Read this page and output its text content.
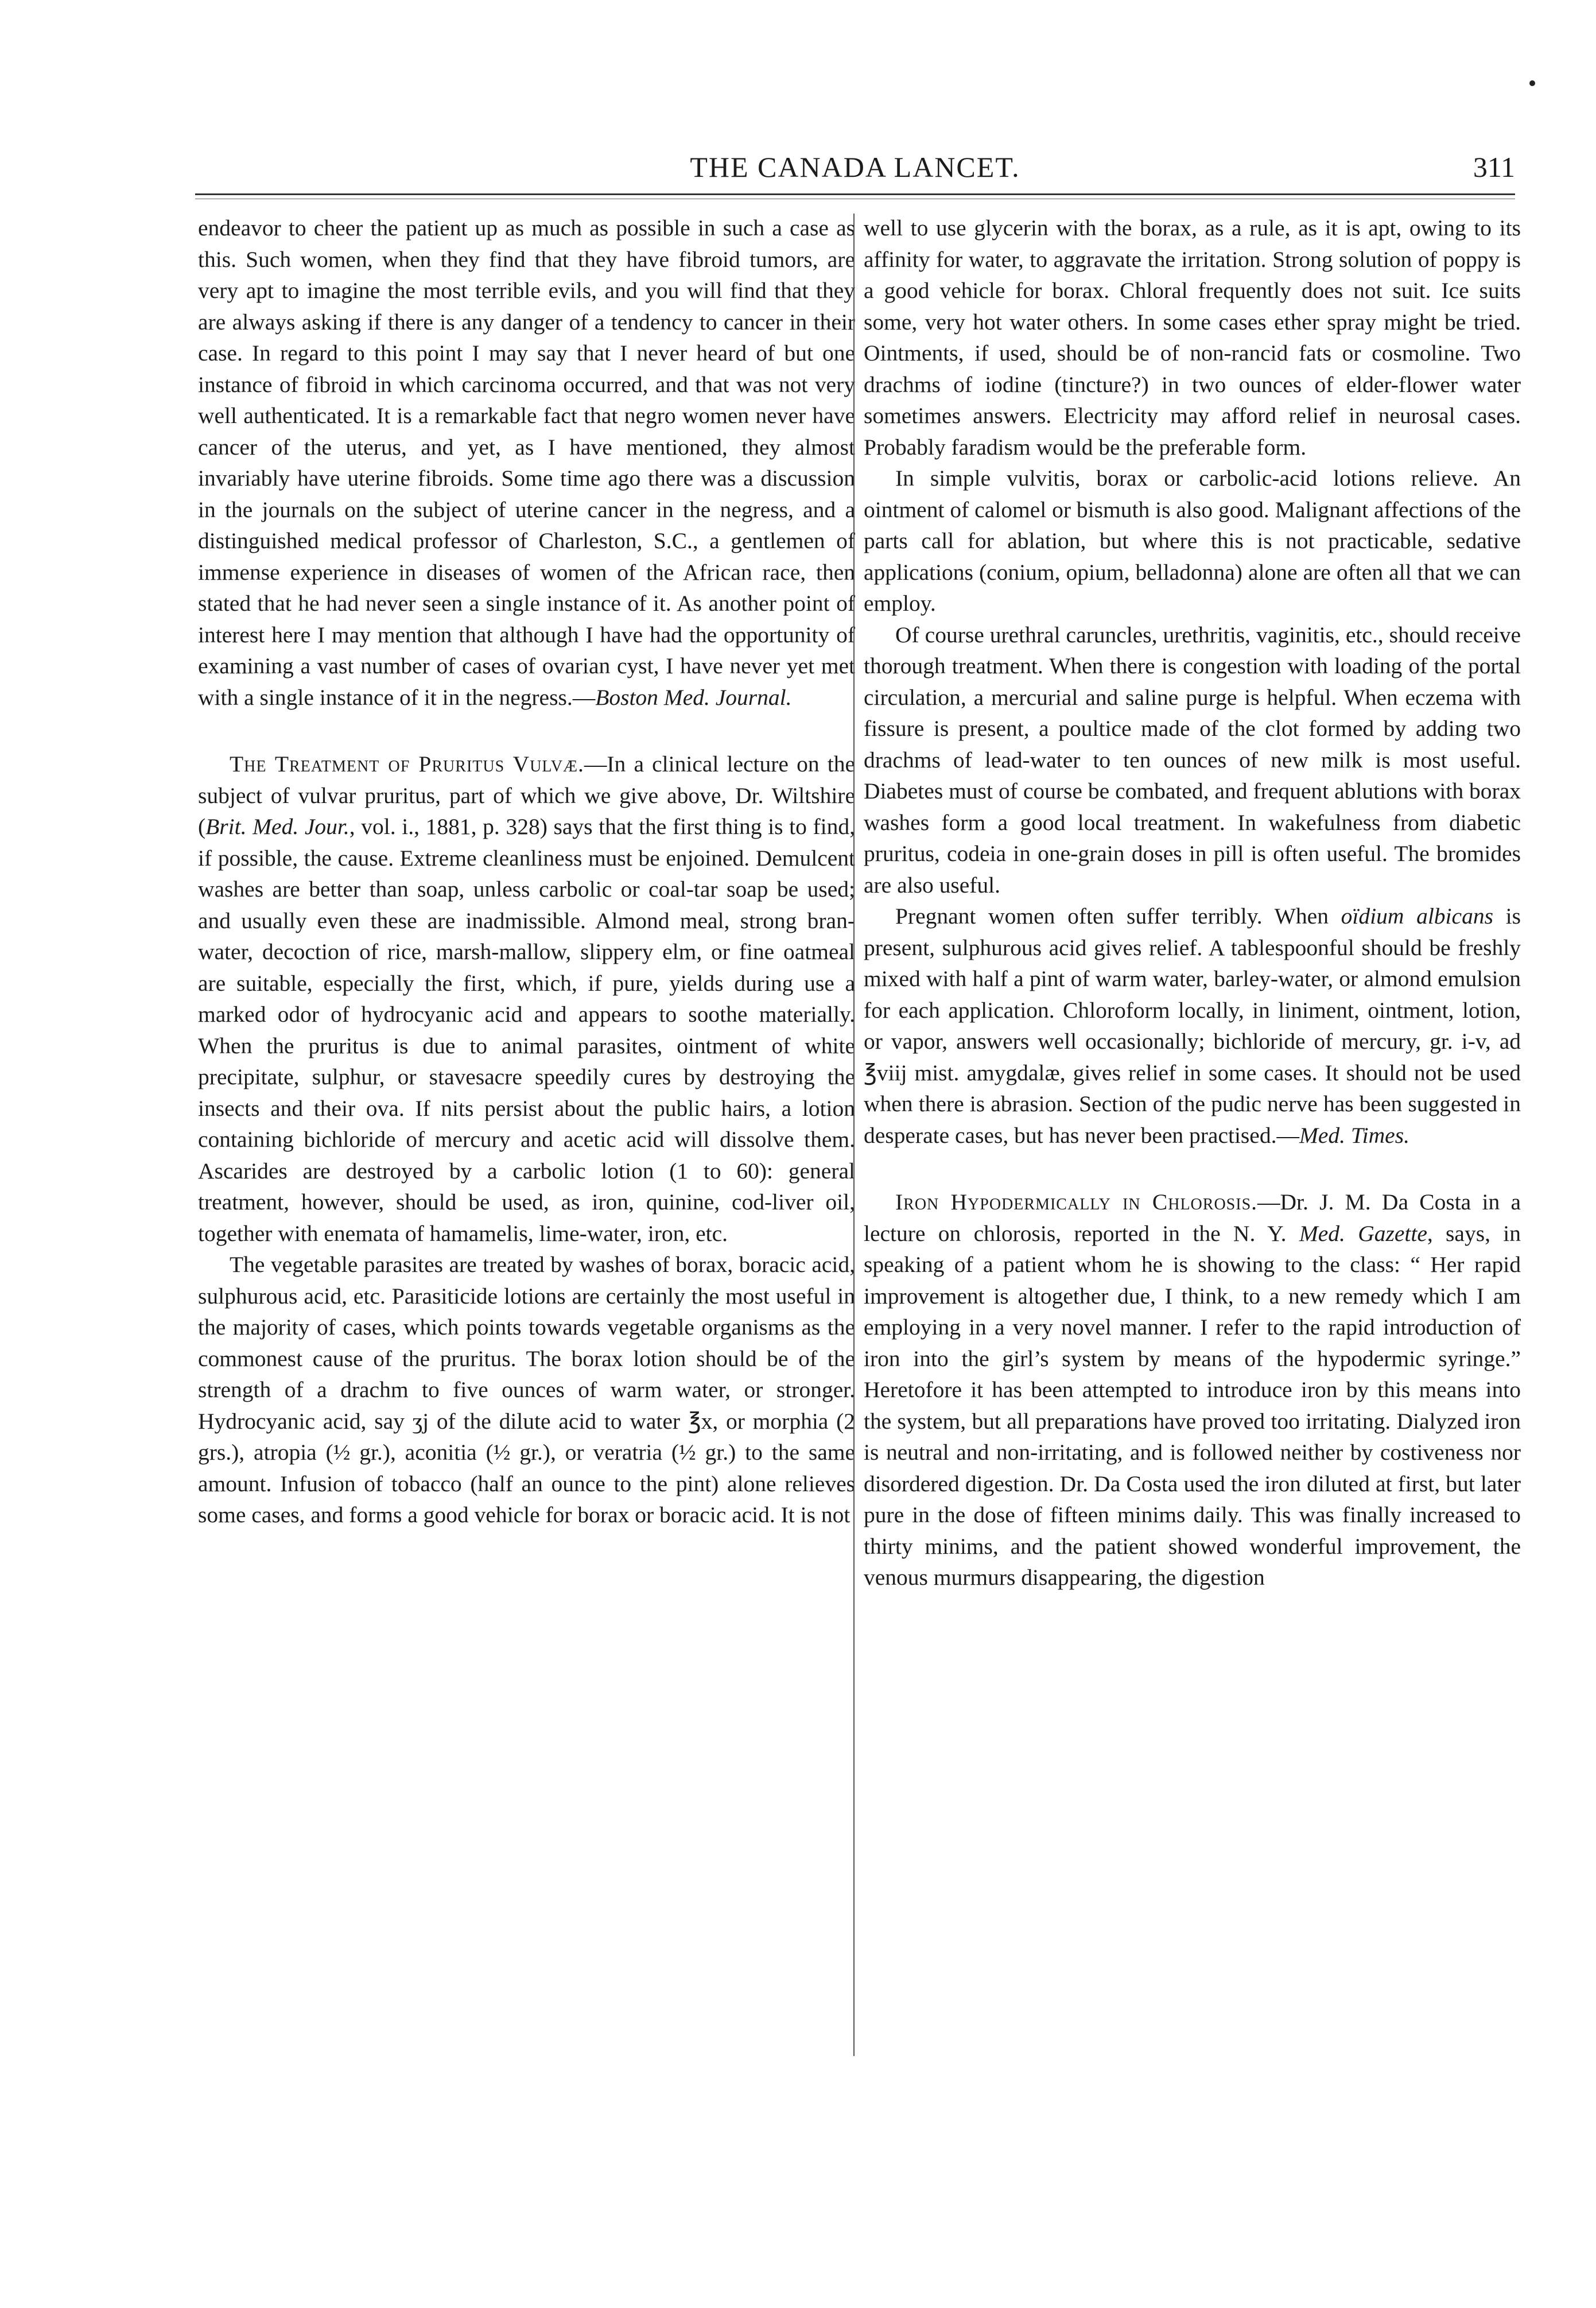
THE CANADA LANCET.	311

endeavor to cheer the patient up as much as possible in such a case as this. Such women, when they find that they have fibroid tumors, are very apt to imagine the most terrible evils, and you will find that they are always asking if there is any danger of a tendency to cancer in their case. In regard to this point I may say that I never heard of but one instance of fibroid in which carcinoma occurred, and that was not very well authenticated. It is a remarkable fact that negro women never have cancer of the uterus, and yet, as I have mentioned, they almost invariably have uterine fibroids. Some time ago there was a discussion in the journals on the subject of uterine cancer in the negress, and a distinguished medical professor of Charleston, S.C., a gentlemen of immense experience in diseases of women of the African race, then stated that he had never seen a single instance of it. As another point of interest here I may mention that although I have had the opportunity of examining a vast number of cases of ovarian cyst, I have never yet met with a single instance of it in the negress.—Boston Med. Journal.

The Treatment of Pruritus Vulvæ.—In a clinical lecture on the subject of vulvar pruritus, part of which we give above, Dr. Wiltshire (Brit. Med. Jour., vol. i., 1881, p. 328) says that the first thing is to find, if possible, the cause. Extreme cleanliness must be enjoined. Demulcent washes are better than soap, unless carbolic or coal-tar soap be used; and usually even these are inadmissible. Almond meal, strong bran-water, decoction of rice, marsh-mallow, slippery elm, or fine oatmeal are suitable, especially the first, which, if pure, yields during use a marked odor of hydrocyanic acid and appears to soothe materially. When the pruritus is due to animal parasites, ointment of white precipitate, sulphur, or stavesacre speedily cures by destroying the insects and their ova. If nits persist about the public hairs, a lotion containing bichloride of mercury and acetic acid will dissolve them. Ascarides are destroyed by a carbolic lotion (1 to 60): general treatment, however, should be used, as iron, quinine, cod-liver oil, together with enemata of hamamelis, lime-water, iron, etc.

The vegetable parasites are treated by washes of borax, boracic acid, sulphurous acid, etc. Parasiticide lotions are certainly the most useful in the majority of cases, which points towards vegetable organisms as the commonest cause of the pruritus. The borax lotion should be of the strength of a drachm to five ounces of warm water, or stronger. Hydrocyanic acid, say ʒj of the dilute acid to water ℥x, or morphia (2 grs.), atropia (½ gr.), aconitia (½ gr.), or veratria (½ gr.) to the same amount. Infusion of tobacco (half an ounce to the pint) alone relieves some cases, and forms a good vehicle for borax or boracic acid. It is not

well to use glycerin with the borax, as a rule, as it is apt, owing to its affinity for water, to aggravate the irritation. Strong solution of poppy is a good vehicle for borax. Chloral frequently does not suit. Ice suits some, very hot water others. In some cases ether spray might be tried. Ointments, if used, should be of non-rancid fats or cosmoline. Two drachms of iodine (tincture?) in two ounces of elder-flower water sometimes answers. Electricity may afford relief in neurosal cases. Probably faradism would be the preferable form.

In simple vulvitis, borax or carbolic-acid lotions relieve. An ointment of calomel or bismuth is also good. Malignant affections of the parts call for ablation, but where this is not practicable, sedative applications (conium, opium, belladonna) alone are often all that we can employ.

Of course urethral caruncles, urethritis, vaginitis, etc., should receive thorough treatment. When there is congestion with loading of the portal circulation, a mercurial and saline purge is helpful. When eczema with fissure is present, a poultice made of the clot formed by adding two drachms of lead-water to ten ounces of new milk is most useful. Diabetes must of course be combated, and frequent ablutions with borax washes form a good local treatment. In wakefulness from diabetic pruritus, codeia in one-grain doses in pill is often useful. The bromides are also useful.

Pregnant women often suffer terribly. When oïdium albicans is present, sulphurous acid gives relief. A tablespoonful should be freshly mixed with half a pint of warm water, barley-water, or almond emulsion for each application. Chloroform locally, in liniment, ointment, lotion, or vapor, answers well occasionally; bichloride of mercury, gr. i-v, ad ℥viij mist. amygdalæ, gives relief in some cases. It should not be used when there is abrasion. Section of the pudic nerve has been suggested in desperate cases, but has never been practised.—Med. Times.

Iron Hypodermically in Chlorosis.—Dr. J. M. Da Costa in a lecture on chlorosis, reported in the N. Y. Med. Gazette, says, in speaking of a patient whom he is showing to the class: “ Her rapid improvement is altogether due, I think, to a new remedy which I am employing in a very novel manner. I refer to the rapid introduction of iron into the girl’s system by means of the hypodermic syringe.” Heretofore it has been attempted to introduce iron by this means into the system, but all preparations have proved too irritating. Dialyzed iron is neutral and non-irritating, and is followed neither by costiveness nor disordered digestion. Dr. Da Costa used the iron diluted at first, but later pure in the dose of fifteen minims daily. This was finally increased to thirty minims, and the patient showed wonderful improvement, the venous murmurs disappearing, the digestion
